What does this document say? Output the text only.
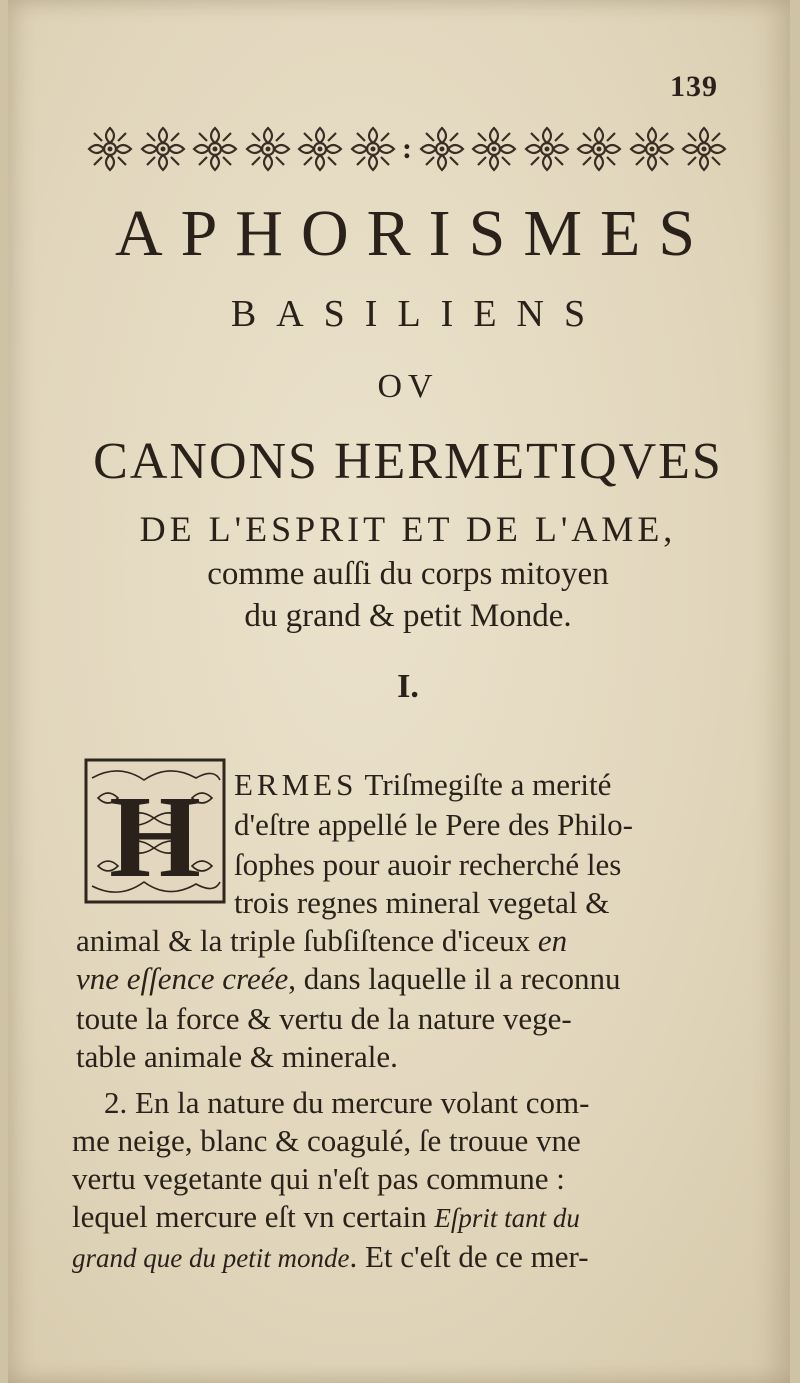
139
:
APHORISMES
BASILIENS
OV
CANONS HERMETIQVES
DE L'ESPRIT ET DE L'AME,
comme auſſi du corps mitoyen
du grand & petit Monde.
I.
H ERMES Triſmegiſte a merité
d'eſtre appellé le Pere des Philo-
ſophes pour auoir recherché les
trois regnes mineral vegetal &
animal & la triple ſubſiſtence d'iceux en
vne eſſence creée, dans laquelle il a reconnu
toute la force & vertu de la nature vege-
table animale & minerale.
2. En la nature du mercure volant com-
me neige, blanc & coagulé, ſe trouue vne
vertu vegetante qui n'eſt pas commune :
lequel mercure eſt vn certain Eſprit tant du
grand que du petit monde. Et c'eſt de ce mer-
